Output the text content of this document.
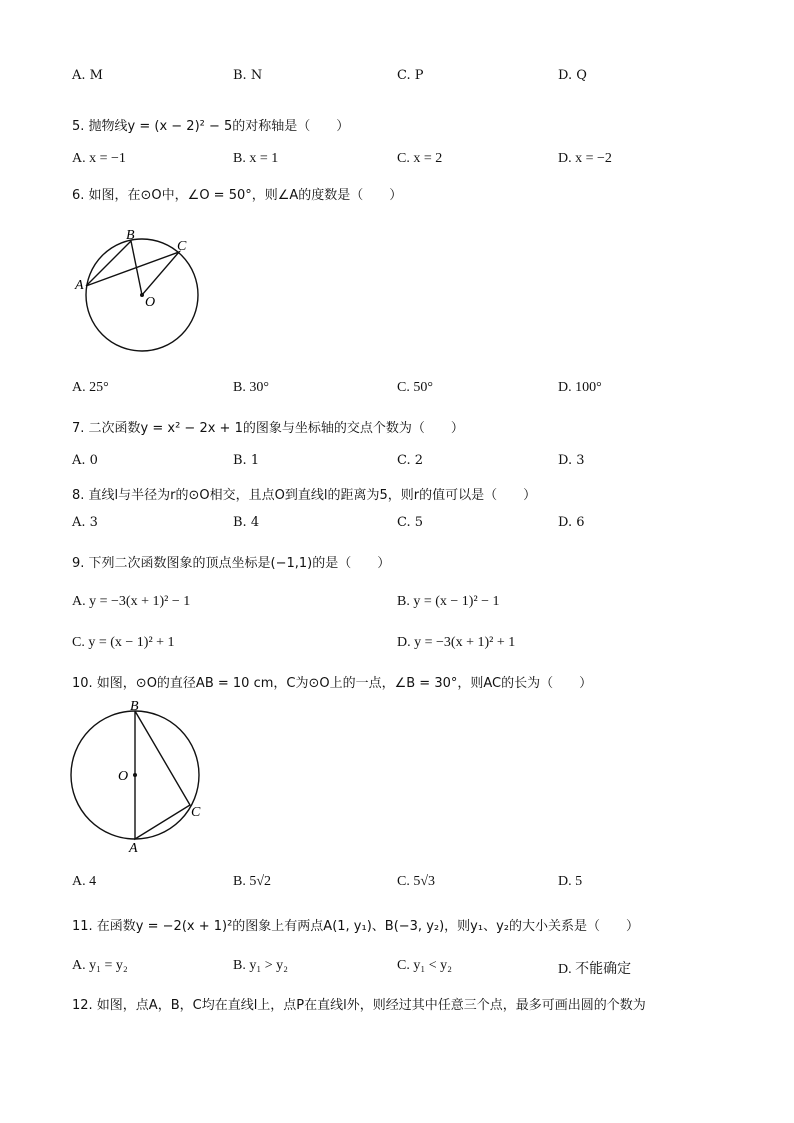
A. M	B. N	C. P	D. Q
5. 抛物线y = (x − 2)² − 5的对称轴是（　　）
A. x = −1	B. x = 1	C. x = 2	D. x = −2
6. 如图，在⊙O中，∠O = 50°，则∠A的度数是（　　）
A
B
C
O
A. 25°	B. 30°	C. 50°	D. 100°
7. 二次函数y = x² − 2x + 1的图象与坐标轴的交点个数为（　　）
A. 0	B. 1	C. 2	D. 3
8. 直线l与半径为r的⊙O相交，且点O到直线l的距离为5，则r的值可以是（　　）
A. 3	B. 4	C. 5	D. 6
9. 下列二次函数图象的顶点坐标是(−1,1)的是（　　）
A. y = −3(x + 1)² − 1	B. y = (x − 1)² − 1
C. y = (x − 1)² + 1	D. y = −3(x + 1)² + 1
10. 如图，⊙O的直径AB = 10 cm，C为⊙O上的一点，∠B = 30°，则AC的长为（　　）
B
O
C
A
A. 4	B. 5√2	C. 5√3	D. 5
11. 在函数y = −2(x + 1)²的图象上有两点A(1, y₁)、B(−3, y₂)，则y₁、y₂的大小关系是（　　）
A. y₁ = y₂	B. y₁ > y₂	C. y₁ < y₂	D. 不能确定
12. 如图，点A，B，C均在直线l上，点P在直线l外，则经过其中任意三个点，最多可画出圆的个数为
